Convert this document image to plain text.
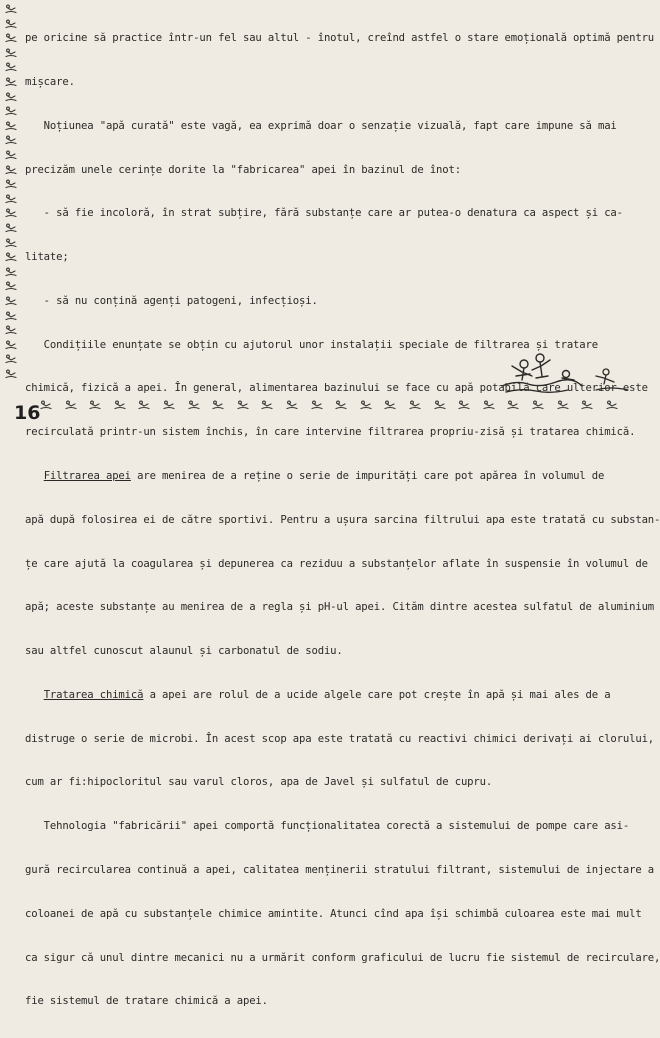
pe oricine să practice într-un fel sau altul - înotul, creînd astfel o stare emoțională optimă pentru

mișcare.

Noțiunea "apă curată" este vagă, ea exprimă doar o senzație vizuală, fapt care impune să mai

precizăm unele cerințe dorite la "fabricarea" apei în bazinul de înot:

- să fie incoloră, în strat subțire, fără substanțe care ar putea-o denatura ca aspect și ca-

litate;

- să nu conțină agenți patogeni, infecțioși.

Condițiile enunțate se obțin cu ajutorul unor instalații speciale de filtrarea și tratare

chimică, fizică a apei. În general, alimentarea bazinului se face cu apă potabilă care ulterior este

recirculată printr-un sistem închis, în care intervine filtrarea propriu-zisă și tratarea chimică.

Filtrarea apei are menirea de a reține o serie de impurități care pot apărea în volumul de

apă după folosirea ei de către sportivi. Pentru a ușura sarcina filtrului apa este tratată cu substan-

țe care ajută la coagularea și depunerea ca reziduu a substanțelor aflate în suspensie în volumul de

apă; aceste substanțe au menirea de a regla și pH-ul apei. Cităm dintre acestea sulfatul de aluminium

sau altfel cunoscut alaunul și carbonatul de sodiu.

Tratarea chimică a apei are rolul de a ucide algele care pot crește în apă și mai ales de a

distruge o serie de microbi. În acest scop apa este tratată cu reactivi chimici derivați ai clorului,

cum ar fi:hipocloritul sau varul cloros, apa de Javel și sulfatul de cupru.

Tehnologia "fabricării" apei comportă funcționalitatea corectă a sistemului de pompe care asi-

gură recircularea continuă a apei, calitatea menținerii stratului filtrant, sistemului de injectare a

coloanei de apă cu substanțele chimice amintite. Atunci cînd apa își schimbă culoarea este mai mult

ca sigur că unul dintre mecanici nu a urmărit conform graficului de lucru fie sistemul de recirculare,

fie sistemul de tratare chimică a apei.

16
